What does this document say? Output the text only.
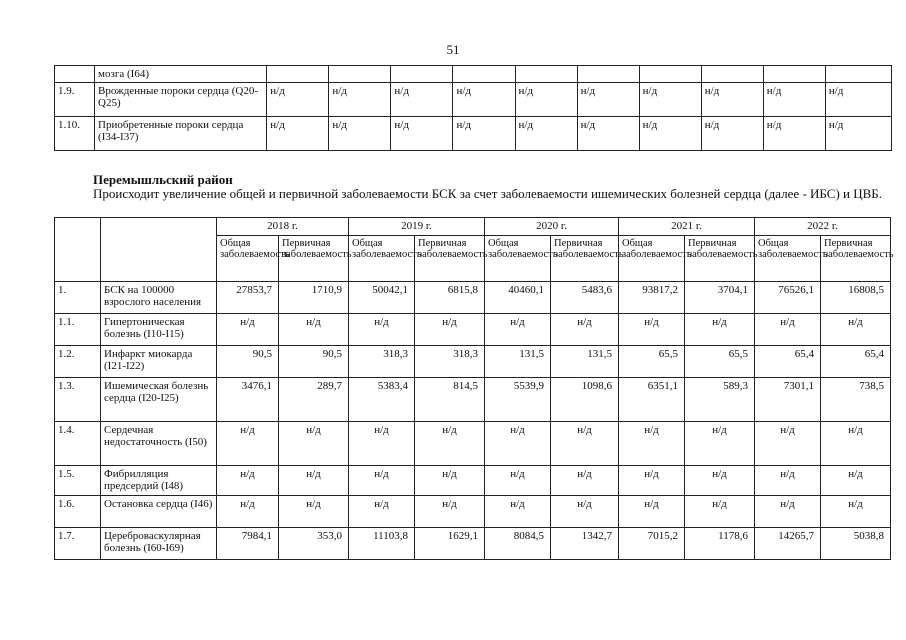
51
	мозга (I64)										
1.9.	Врожденные пороки сердца (Q20-Q25)	н/д	н/д	н/д	н/д	н/д	н/д	н/д	н/д	н/д	н/д
1.10.	Приобретенные пороки сердца (I34-I37)	н/д	н/д	н/д	н/д	н/д	н/д	н/д	н/д	н/д	н/д
Перемышльский район
Происходит увеличение общей и первичной заболеваемости БСК за счет заболеваемости ишемических болезней сердца (далее - ИБС) и ЦВБ.
		2018 г.		2019 г.		2020 г.		2021 г.		2022 г.	
		Общая заболеваемость	Первичная заболеваемость	Общая заболеваемость	Первичная заболеваемость	Общая заболеваемость	Первичная заболеваемость	Общая заболеваемость	Первичная заболеваемость	Общая заболеваемость	Первичная заболеваемость
1.	БСК на 100000 взрослого населения	27853,7	1710,9	50042,1	6815,8	40460,1	5483,6	93817,2	3704,1	76526,1	16808,5
1.1.	Гипертоническая болезнь (I10-I15)	н/д	н/д	н/д	н/д	н/д	н/д	н/д	н/д	н/д	н/д
1.2.	Инфаркт миокарда (I21-I22)	90,5	90,5	318,3	318,3	131,5	131,5	65,5	65,5	65,4	65,4
1.3.	Ишемическая болезнь сердца (I20-I25)	3476,1	289,7	5383,4	814,5	5539,9	1098,6	6351,1	589,3	7301,1	738,5
1.4.	Сердечная недостаточность (I50)	н/д	н/д	н/д	н/д	н/д	н/д	н/д	н/д	н/д	н/д
1.5.	Фибрилляция предсердий (I48)	н/д	н/д	н/д	н/д	н/д	н/д	н/д	н/д	н/д	н/д
1.6.	Остановка сердца (I46)	н/д	н/д	н/д	н/д	н/д	н/д	н/д	н/д	н/д	н/д
1.7.	Цереброваскулярная болезнь (I60-I69)	7984,1	353,0	11103,8	1629,1	8084,5	1342,7	7015,2	1178,6	14265,7	5038,8
